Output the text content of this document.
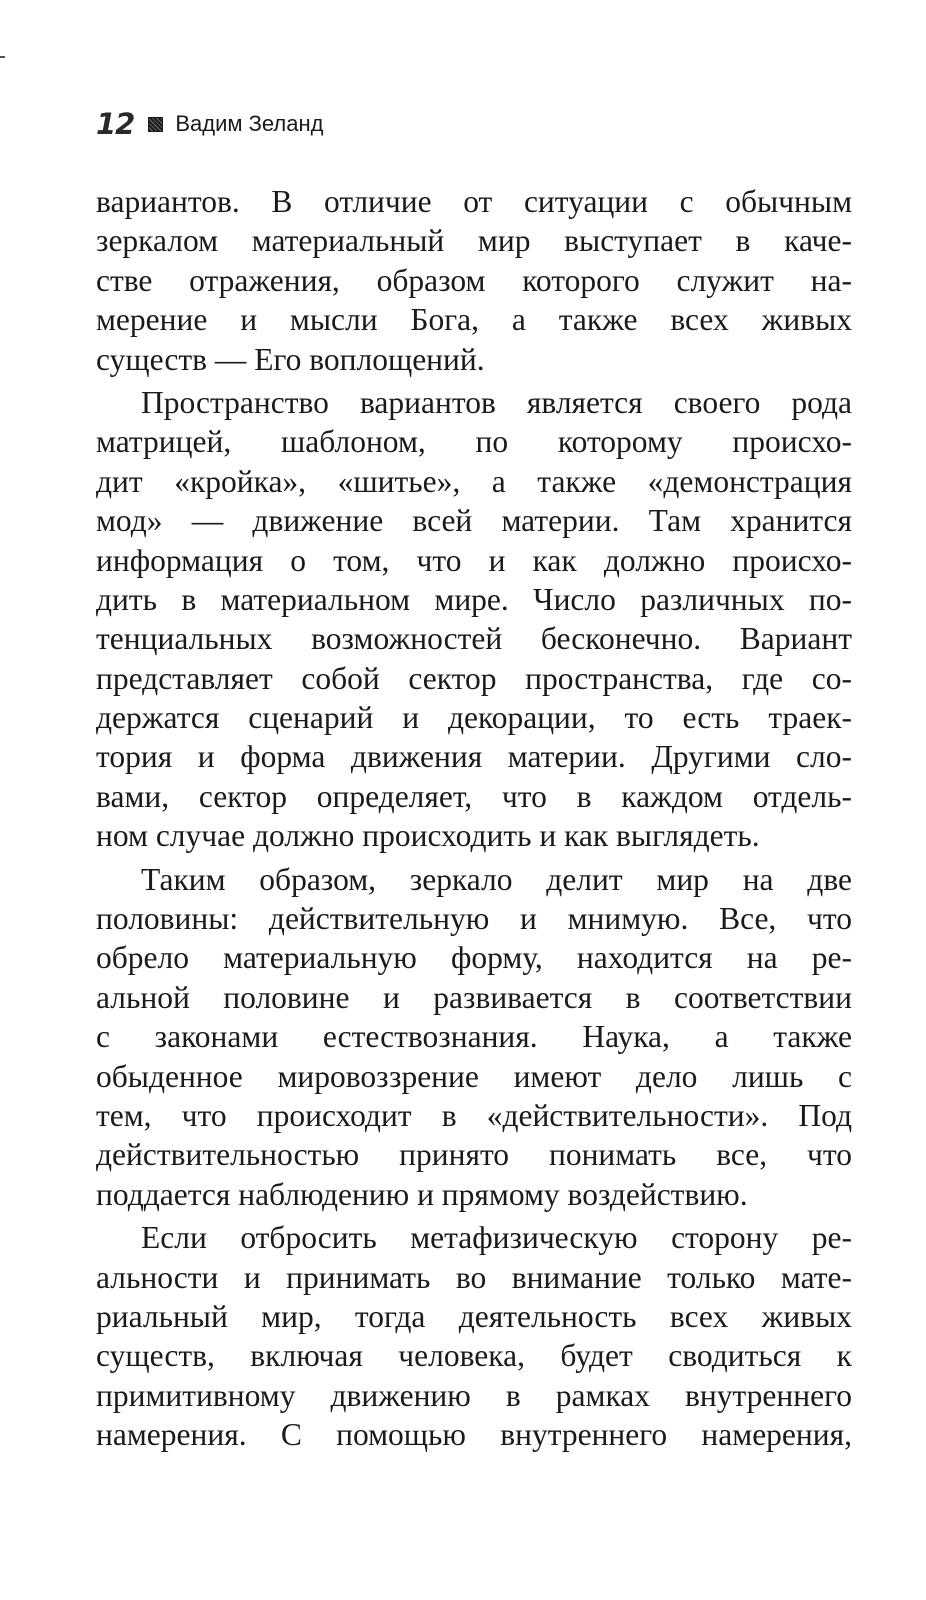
12 Вадим Зеланд
вариантов. В отличие от ситуации с обычным
зеркалом материальный мир выступает в каче-
стве отражения, образом которого служит на-
мерение и мысли Бога, а также всех живых
существ — Его воплощений.
Пространство вариантов является своего рода
матрицей, шаблоном, по которому происхо-
дит «кройка», «шитье», а также «демонстрация
мод» — движение всей материи. Там хранится
информация о том, что и как должно происхо-
дить в материальном мире. Число различных по-
тенциальных возможностей бесконечно. Вариант
представляет собой сектор пространства, где со-
держатся сценарий и декорации, то есть траек-
тория и форма движения материи. Другими сло-
вами, сектор определяет, что в каждом отдель-
ном случае должно происходить и как выглядеть.
Таким образом, зеркало делит мир на две
половины: действительную и мнимую. Все, что
обрело материальную форму, находится на ре-
альной половине и развивается в соответствии
с законами естествознания. Наука, а также
обыденное мировоззрение имеют дело лишь с
тем, что происходит в «действительности». Под
действительностью принято понимать все, что
поддается наблюдению и прямому воздействию.
Если отбросить метафизическую сторону ре-
альности и принимать во внимание только мате-
риальный мир, тогда деятельность всех живых
существ, включая человека, будет сводиться к
примитивному движению в рамках внутреннего
намерения. С помощью внутреннего намерения,
